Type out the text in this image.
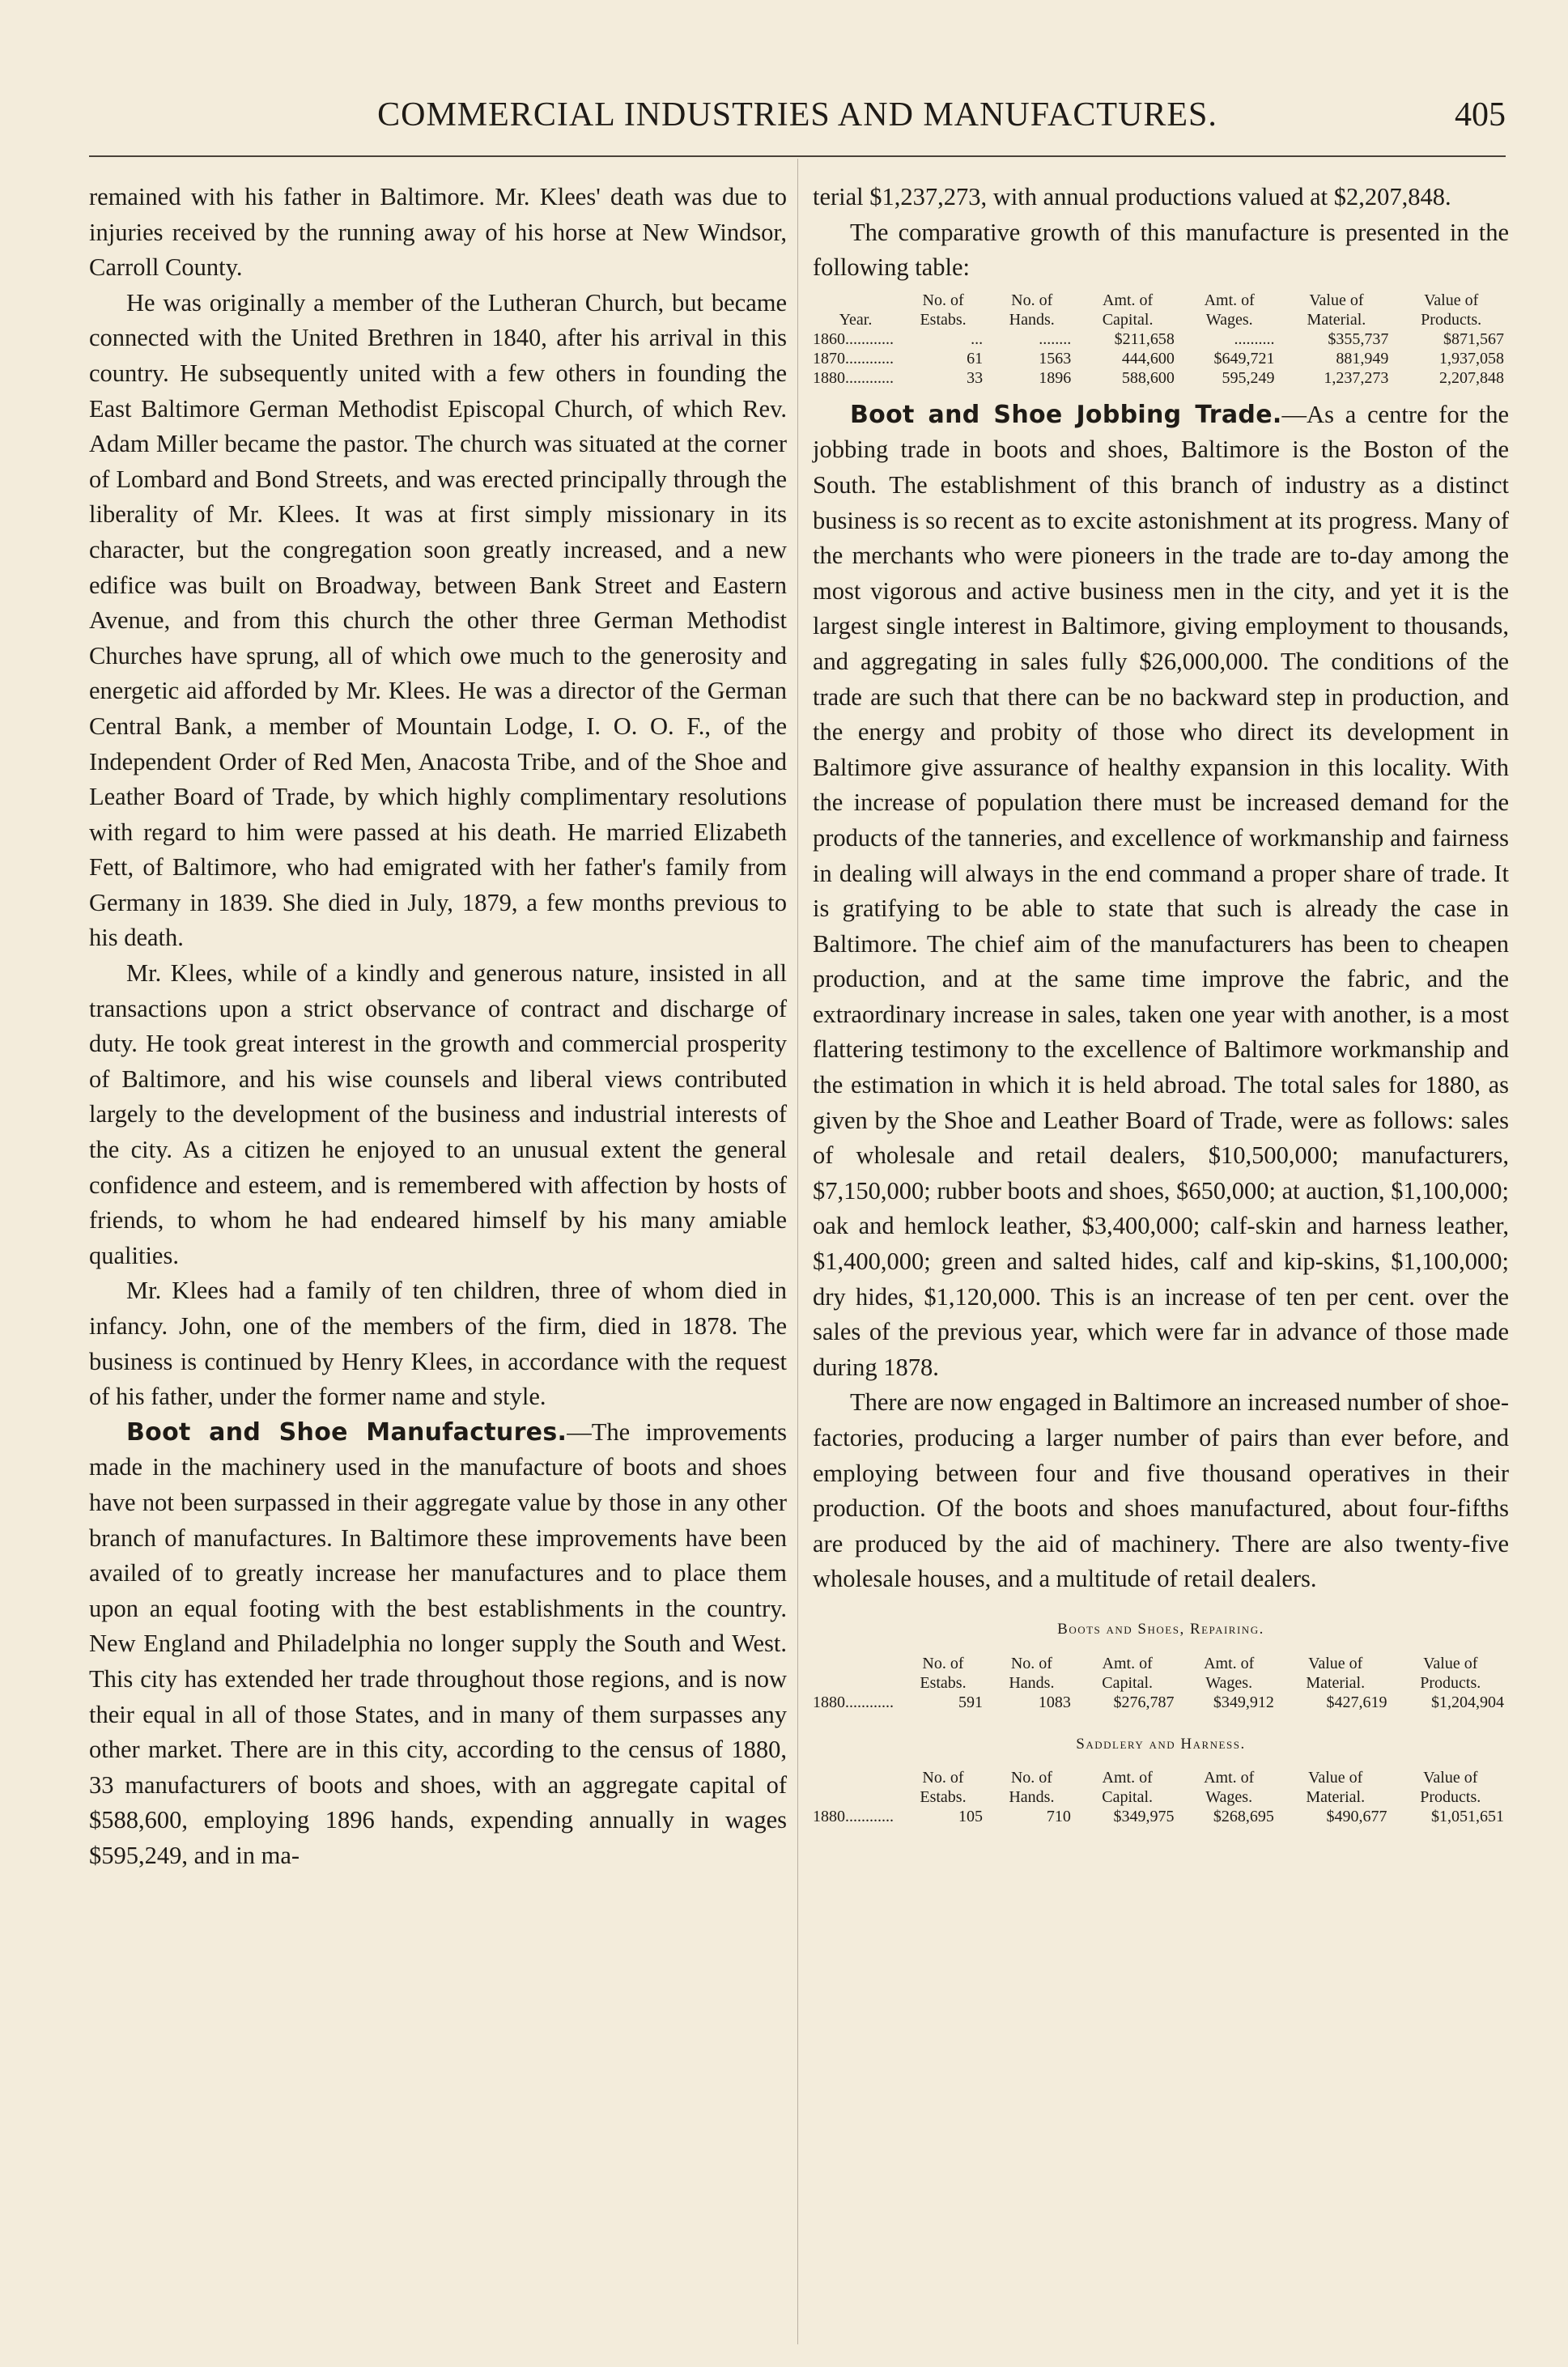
COMMERCIAL INDUSTRIES AND MANUFACTURES.	405

remained with his father in Baltimore. Mr. Klees' death was due to injuries received by the running away of his horse at New Windsor, Carroll County.

He was originally a member of the Lutheran Church, but became connected with the United Brethren in 1840, after his arrival in this country. He subsequently united with a few others in founding the East Baltimore German Methodist Episcopal Church, of which Rev. Adam Miller became the pastor. The church was situated at the corner of Lombard and Bond Streets, and was erected principally through the liberality of Mr. Klees. It was at first simply missionary in its character, but the congregation soon greatly increased, and a new edifice was built on Broadway, between Bank Street and Eastern Avenue, and from this church the other three German Methodist Churches have sprung, all of which owe much to the generosity and energetic aid afforded by Mr. Klees. He was a director of the German Central Bank, a member of Mountain Lodge, I. O. O. F., of the Independent Order of Red Men, Anacosta Tribe, and of the Shoe and Leather Board of Trade, by which highly complimentary resolutions with regard to him were passed at his death. He married Elizabeth Fett, of Baltimore, who had emigrated with her father's family from Germany in 1839. She died in July, 1879, a few months previous to his death.

Mr. Klees, while of a kindly and generous nature, insisted in all transactions upon a strict observance of contract and discharge of duty. He took great interest in the growth and commercial prosperity of Baltimore, and his wise counsels and liberal views contributed largely to the development of the business and industrial interests of the city. As a citizen he enjoyed to an unusual extent the general confidence and esteem, and is remembered with affection by hosts of friends, to whom he had endeared himself by his many amiable qualities.

Mr. Klees had a family of ten children, three of whom died in infancy. John, one of the members of the firm, died in 1878. The business is continued by Henry Klees, in accordance with the request of his father, under the former name and style.

Boot and Shoe Manufactures.—The improvements made in the machinery used in the manufacture of boots and shoes have not been surpassed in their aggregate value by those in any other branch of manufactures. In Baltimore these improvements have been availed of to greatly increase her manufactures and to place them upon an equal footing with the best establishments in the country. New England and Philadelphia no longer supply the South and West. This city has extended her trade throughout those regions, and is now their equal in all of those States, and in many of them surpasses any other market. There are in this city, according to the census of 1880, 33 manufacturers of boots and shoes, with an aggregate capital of $588,600, employing 1896 hands, expending annually in wages $595,249, and in ma-

terial $1,237,273, with annual productions valued at $2,207,848.

The comparative growth of this manufacture is presented in the following table:

Year.	No. of Estabs.	No. of Hands.	Amt. of Capital.	Amt. of Wages.	Value of Material.	Value of Products.
1860............	...	........	$211,658	..........	$355,737	$871,567
1870............	61	1563	444,600	$649,721	881,949	1,937,058
1880............	33	1896	588,600	595,249	1,237,273	2,207,848

Boot and Shoe Jobbing Trade.—As a centre for the jobbing trade in boots and shoes, Baltimore is the Boston of the South. The establishment of this branch of industry as a distinct business is so recent as to excite astonishment at its progress. Many of the merchants who were pioneers in the trade are to-day among the most vigorous and active business men in the city, and yet it is the largest single interest in Baltimore, giving employment to thousands, and aggregating in sales fully $26,000,000. The conditions of the trade are such that there can be no backward step in production, and the energy and probity of those who direct its development in Baltimore give assurance of healthy expansion in this locality. With the increase of population there must be increased demand for the products of the tanneries, and excellence of workmanship and fairness in dealing will always in the end command a proper share of trade. It is gratifying to be able to state that such is already the case in Baltimore. The chief aim of the manufacturers has been to cheapen production, and at the same time improve the fabric, and the extraordinary increase in sales, taken one year with another, is a most flattering testimony to the excellence of Baltimore workmanship and the estimation in which it is held abroad. The total sales for 1880, as given by the Shoe and Leather Board of Trade, were as follows: sales of wholesale and retail dealers, $10,500,000; manufacturers, $7,150,000; rubber boots and shoes, $650,000; at auction, $1,100,000; oak and hemlock leather, $3,400,000; calf-skin and harness leather, $1,400,000; green and salted hides, calf and kip-skins, $1,100,000; dry hides, $1,120,000. This is an increase of ten per cent. over the sales of the previous year, which were far in advance of those made during 1878.

There are now engaged in Baltimore an increased number of shoe-factories, producing a larger number of pairs than ever before, and employing between four and five thousand operatives in their production. Of the boots and shoes manufactured, about four-fifths are produced by the aid of machinery. There are also twenty-five wholesale houses, and a multitude of retail dealers.

Boots and Shoes, Repairing.
	No. of Estabs.	No. of Hands.	Amt. of Capital.	Amt. of Wages.	Value of Material.	Value of Products.
1880............	591	1083	$276,787	$349,912	$427,619	$1,204,904
Saddlery and Harness.
	No. of Estabs.	No. of Hands.	Amt. of Capital.	Amt. of Wages.	Value of Material.	Value of Products.
1880............	105	710	$349,975	$268,695	$490,677	$1,051,651
